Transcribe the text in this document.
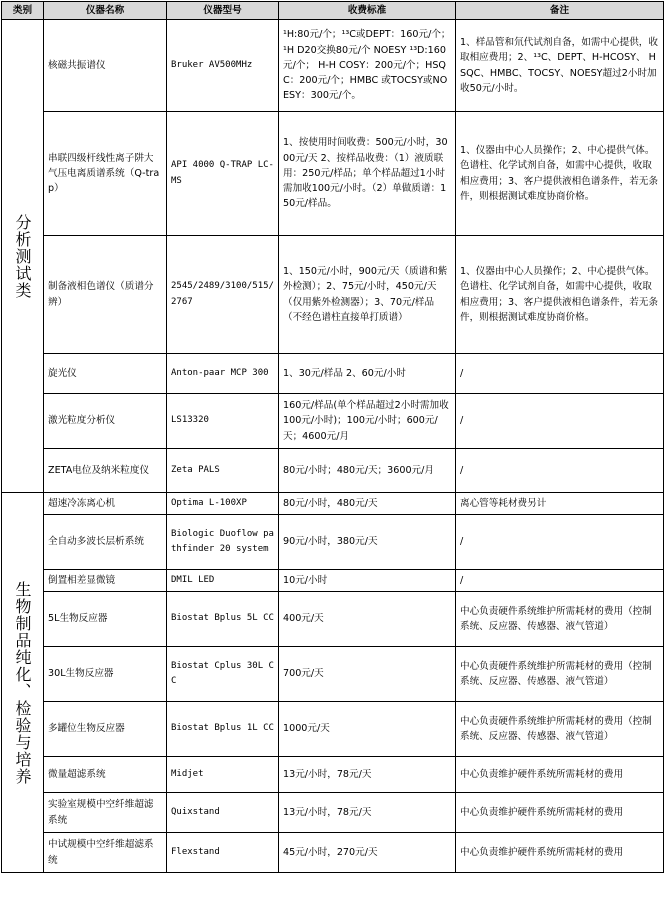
类别	仪器名称	仪器型号	收费标准	备注
分析测试类	核磁共振谱仪	Bruker AV500MHz	¹H:80元/个；¹³C或DEPT：160元/个；¹H D20交换80元/个 NOESY ¹³D:160元/个； H-H COSY：200元/个；HSQC：200元/个；HMBC 或TOCSY或NOESY：300元/个。	1、样品管和氘代试剂自备，如需中心提供，收取相应费用；2、¹³C、DEPT、H-HCOSY、 HSQC、HMBC、TOCSY、NOESY超过2小时加收50元/小时。
	串联四级杆线性离子阱大气压电离质谱系统（Q-trap）	API 4000 Q-TRAP LC-MS	1、按使用时间收费：500元/小时，3000元/天 2、按样品收费：（1）液质联用：250元/样品；单个样品超过1小时需加收100元/小时。（2）单做质谱：150元/样品。	1、仪器由中心人员操作；2、中心提供气体。色谱柱、化学试剂自备，如需中心提供，收取相应费用；3、客户提供液相色谱条件，若无条件，则根据测试难度协商价格。
	制备液相色谱仪（质谱分辨）	2545/2489/3100/515/2767	1、150元/小时，900元/天（质谱和紫外检测）；2、75元/小时，450元/天（仅用紫外检测器）；3、70元/样品（不经色谱柱直接单打质谱）	1、仪器由中心人员操作；2、中心提供气体。色谱柱、化学试剂自备，如需中心提供，收取相应费用；3、客户提供液相色谱条件，若无条件，则根据测试难度协商价格。
	旋光仪	Anton-paar MCP 300	1、30元/样品 2、60元/小时	/
	激光粒度分析仪	LS13320	160元/样品(单个样品超过2小时需加收100元/小时)；100元/小时；600元/天；4600元/月	/
	ZETA电位及纳米粒度仪	Zeta PALS	80元/小时；480元/天；3600元/月	/
生物制品纯化、检验与培养	超速冷冻离心机	Optima L-100XP	80元/小时，480元/天	离心管等耗材费另计
	全自动多波长层析系统	Biologic Duoflow pathfinder 20 system	90元/小时，380元/天	/
	倒置相差显微镜	DMIL LED	10元/小时	/
	5L生物反应器	Biostat Bplus 5L CC	400元/天	中心负责硬件系统维护所需耗材的费用（控制系统、反应器、传感器、液气管道）
	30L生物反应器	Biostat Cplus 30L CC	700元/天	中心负责硬件系统维护所需耗材的费用（控制系统、反应器、传感器、液气管道）
	多罐位生物反应器	Biostat Bplus 1L CC	1000元/天	中心负责硬件系统维护所需耗材的费用（控制系统、反应器、传感器、液气管道）
	微量超滤系统	Midjet	13元/小时，78元/天	中心负责维护硬件系统所需耗材的费用
	实验室规模中空纤维超滤系统	Quixstand	13元/小时，78元/天	中心负责维护硬件系统所需耗材的费用
	中试规模中空纤维超滤系统	Flexstand	45元/小时，270元/天	中心负责维护硬件系统所需耗材的费用
